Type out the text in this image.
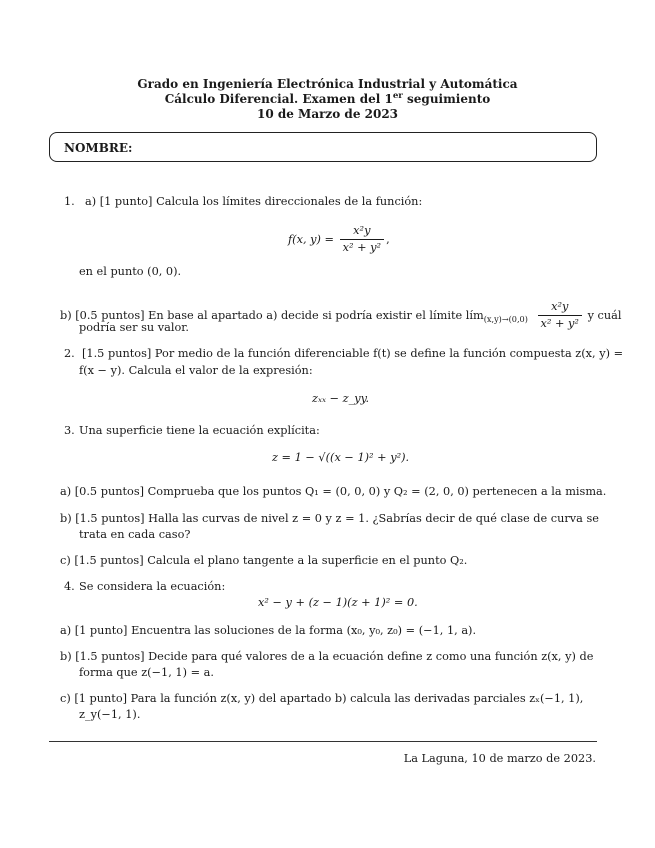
Grado en Ingeniería Electrónica Industrial y Automática
Cálculo Diferencial. Examen del 1er seguimiento
10 de Marzo de 2023
NOMBRE:
1. a) [1 punto] Calcula los límites direccionales de la función:
f(x, $y) = \frac{\text{x²y}}{\text{x² + y²}}$ ,
en el punto (0, 0).
b) [0.5 puntos] En base al apartado a) decide si podría existir el límite lím$_{(x,y)\to(0,0)}$ $\frac{\text{x²y}}{\text{x² + y²}}$ y cuál
podría ser su valor.
2. [1.5 puntos] Por medio de la función diferenciable f(t) se define la función compuesta z(x, y) =
f(x − y). Calcula el valor de la expresión:
zₓₓ − z_yy.
3. Una superficie tiene la ecuación explícita:
z = 1 − √((x − 1)² + y²).
a) [0.5 puntos] Comprueba que los puntos Q₁ = (0, 0, 0) y Q₂ = (2, 0, 0) pertenecen a la misma.
b) [1.5 puntos] Halla las curvas de nivel z = 0 y z = 1. ¿Sabrías decir de qué clase de curva se
trata en cada caso?
c) [1.5 puntos] Calcula el plano tangente a la superficie en el punto Q₂.
4. Se considera la ecuación:
x² − y + (z − 1)(z + 1)² = 0.
a) [1 punto] Encuentra las soluciones de la forma (x₀, y₀, z₀) = (−1, 1, a).
b) [1.5 puntos] Decide para qué valores de a la ecuación define z como una función z(x, y) de
forma que z(−1, 1) = a.
c) [1 punto] Para la función z(x, y) del apartado b) calcula las derivadas parciales zₓ(−1, 1),
z_y(−1, 1).
La Laguna, 10 de marzo de 2023.
